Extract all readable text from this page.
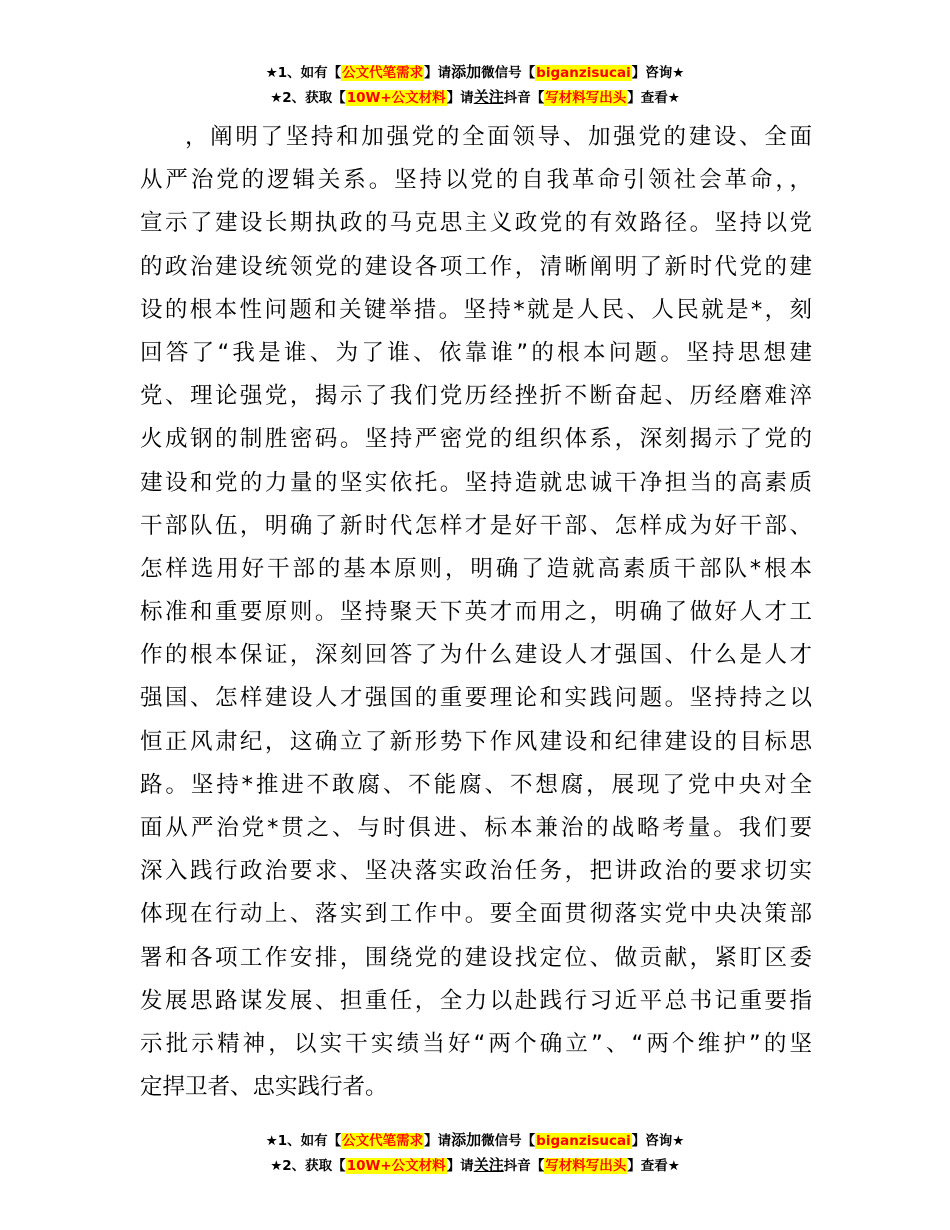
★1、如有【公文代笔需求】请添加微信号【biganzisucai】咨询★
★2、获取【10W+公文材料】请关注抖音【写材料写出头】查看★
，阐明了坚持和加强党的全面领导、加强党的建设、全面
从严治党的逻辑关系。坚持以党的自我革命引领社会革命，，
宣示了建设长期执政的马克思主义政党的有效路径。坚持以党
的政治建设统领党的建设各项工作，清晰阐明了新时代党的建
设的根本性问题和关键举措。坚持*就是人民、人民就是*，刻
回答了“我是谁、为了谁、依靠谁”的根本问题。坚持思想建
党、理论强党，揭示了我们党历经挫折不断奋起、历经磨难淬
火成钢的制胜密码。坚持严密党的组织体系，深刻揭示了党的
建设和党的力量的坚实依托。坚持造就忠诚干净担当的高素质
干部队伍，明确了新时代怎样才是好干部、怎样成为好干部、
怎样选用好干部的基本原则，明确了造就高素质干部队*根本
标准和重要原则。坚持聚天下英才而用之，明确了做好人才工
作的根本保证，深刻回答了为什么建设人才强国、什么是人才
强国、怎样建设人才强国的重要理论和实践问题。坚持持之以
恒正风肃纪，这确立了新形势下作风建设和纪律建设的目标思
路。坚持*推进不敢腐、不能腐、不想腐，展现了党中央对全
面从严治党*贯之、与时俱进、标本兼治的战略考量。我们要
深入践行政治要求、坚决落实政治任务，把讲政治的要求切实
体现在行动上、落实到工作中。要全面贯彻落实党中央决策部
署和各项工作安排，围绕党的建设找定位、做贡献，紧盯区委
发展思路谋发展、担重任，全力以赴践行习近平总书记重要指
示批示精神，以实干实绩当好“两个确立”、“两个维护”的坚
定捍卫者、忠实践行者。
★1、如有【公文代笔需求】请添加微信号【biganzisucai】咨询★
★2、获取【10W+公文材料】请关注抖音【写材料写出头】查看★
